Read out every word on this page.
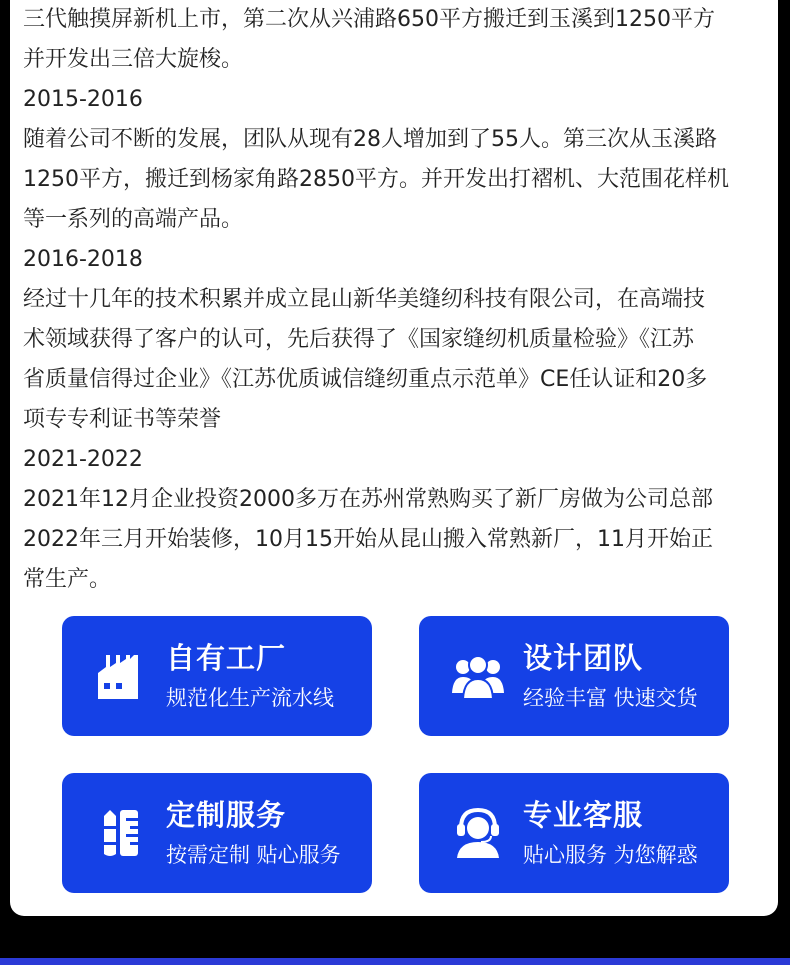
三代触摸屏新机上市，第二次从兴浦路650平方搬迁到玉溪到1250平方

并开发出三倍大旋梭。

2015-2016

随着公司不断的发展，团队从现有28人增加到了55人。第三次从玉溪路

1250平方，搬迁到杨家角路2850平方。并开发出打褶机、大范围花样机

等一系列的高端产品。

2016-2018

经过十几年的技术积累并成立昆山新华美缝纫科技有限公司，在高端技

术领域获得了客户的认可，先后获得了《国家缝纫机质量检验》《江苏

省质量信得过企业》《江苏优质诚信缝纫重点示范单》CE任认证和20多

项专专利证书等荣誉

2021-2022

2021年12月企业投资2000多万在苏州常熟购买了新厂房做为公司总部

2022年三月开始装修，10月15开始从昆山搬入常熟新厂，11月开始正

常生产。

自有工厂
规范化生产流水线
设计团队
经验丰富 快速交货
定制服务
按需定制 贴心服务
专业客服
贴心服务 为您解惑
